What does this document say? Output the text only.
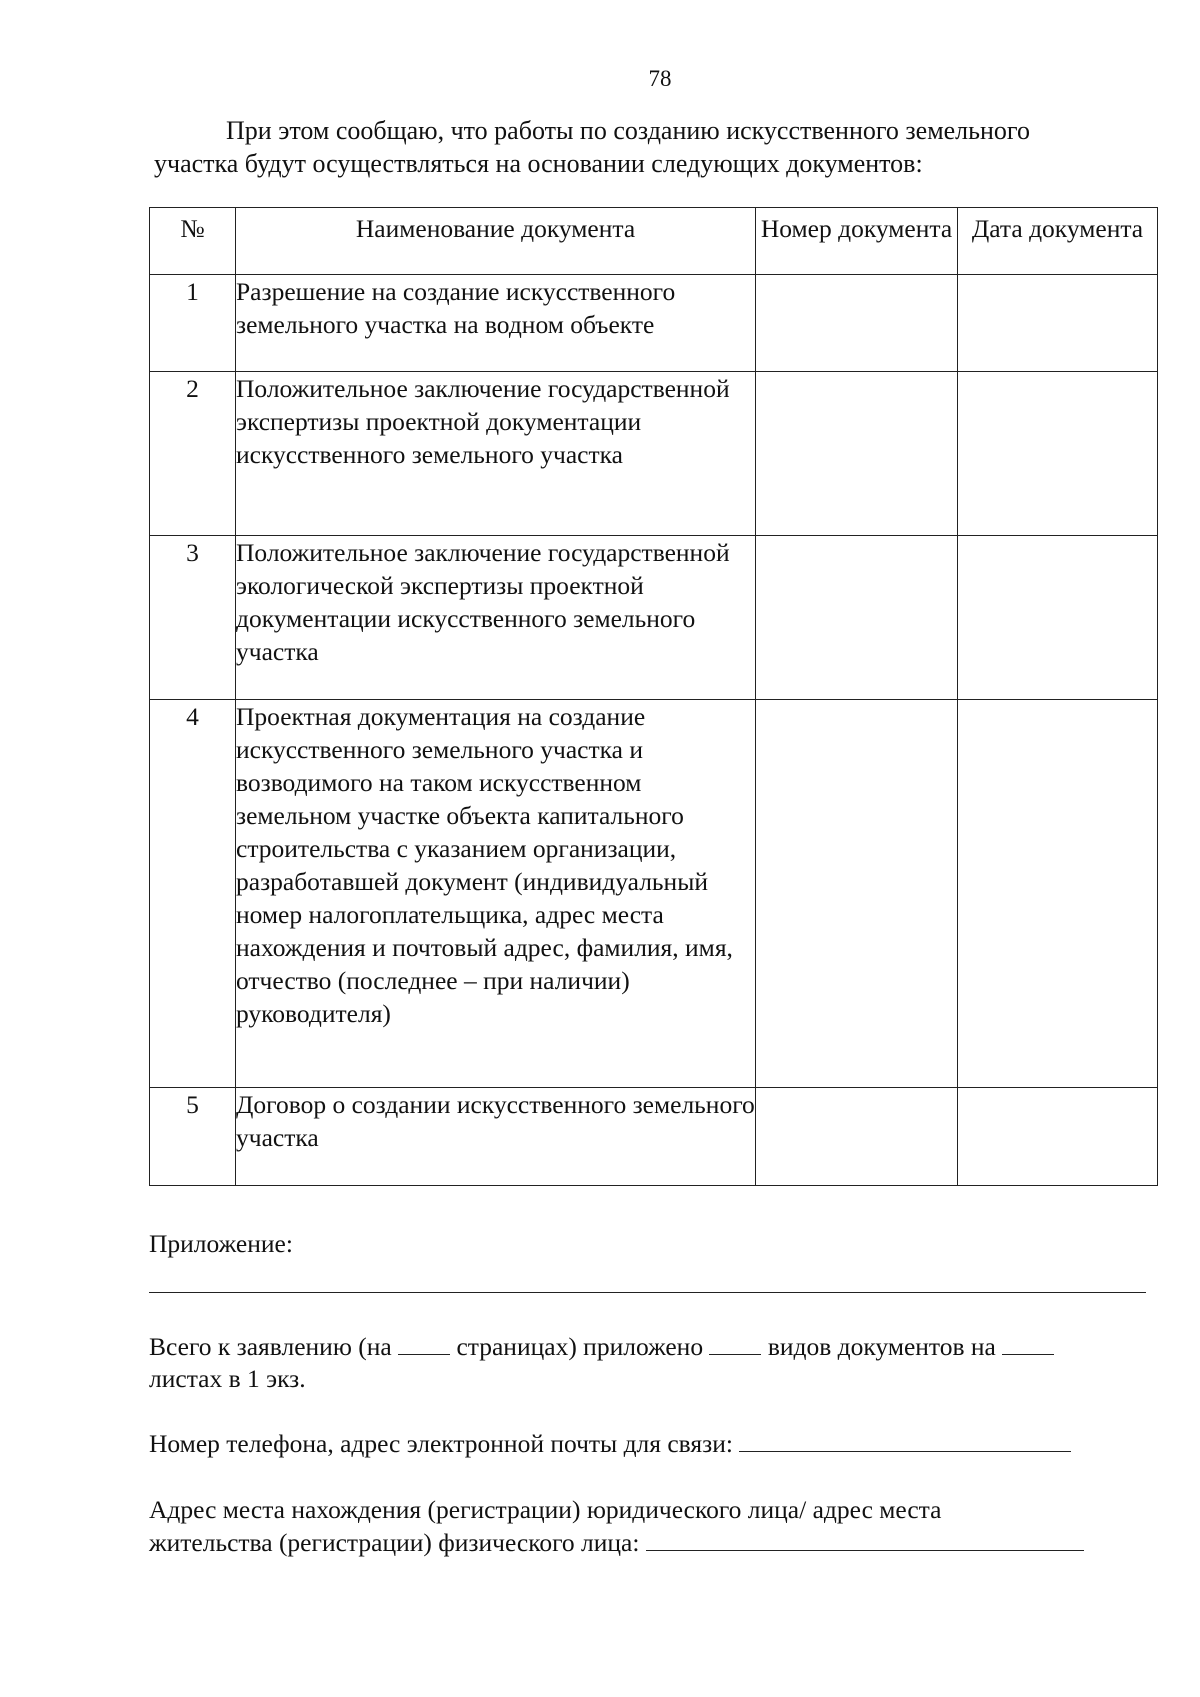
78

При этом сообщаю, что работы по созданию искусственного земельного участка будут осуществляться на основании следующих документов:

№	Наименование документа	Номер документа	Дата документа
1	Разрешение на создание искусственного земельного участка на водном объекте		
2	Положительное заключение государственной экспертизы проектной документации искусственного земельного участка		
3	Положительное заключение государственной экологической экспертизы проектной документации искусственного земельного участка		
4	Проектная документация на создание искусственного земельного участка и возводимого на таком искусственном земельном участке объекта капитального строительства с указанием организации, разработавшей документ (индивидуальный номер налогоплательщика, адрес места нахождения и почтовый адрес, фамилия, имя, отчество (последнее – при наличии) руководителя)		
5	Договор о создании искусственного земельного участка		
Приложение:
Всего к заявлению (на	страницах) приложено	видов документов на
листах в 1 экз.
Номер телефона, адрес электронной почты для связи:
Адрес места нахождения (регистрации) юридического лица/ адрес места
жительства (регистрации) физического лица:
